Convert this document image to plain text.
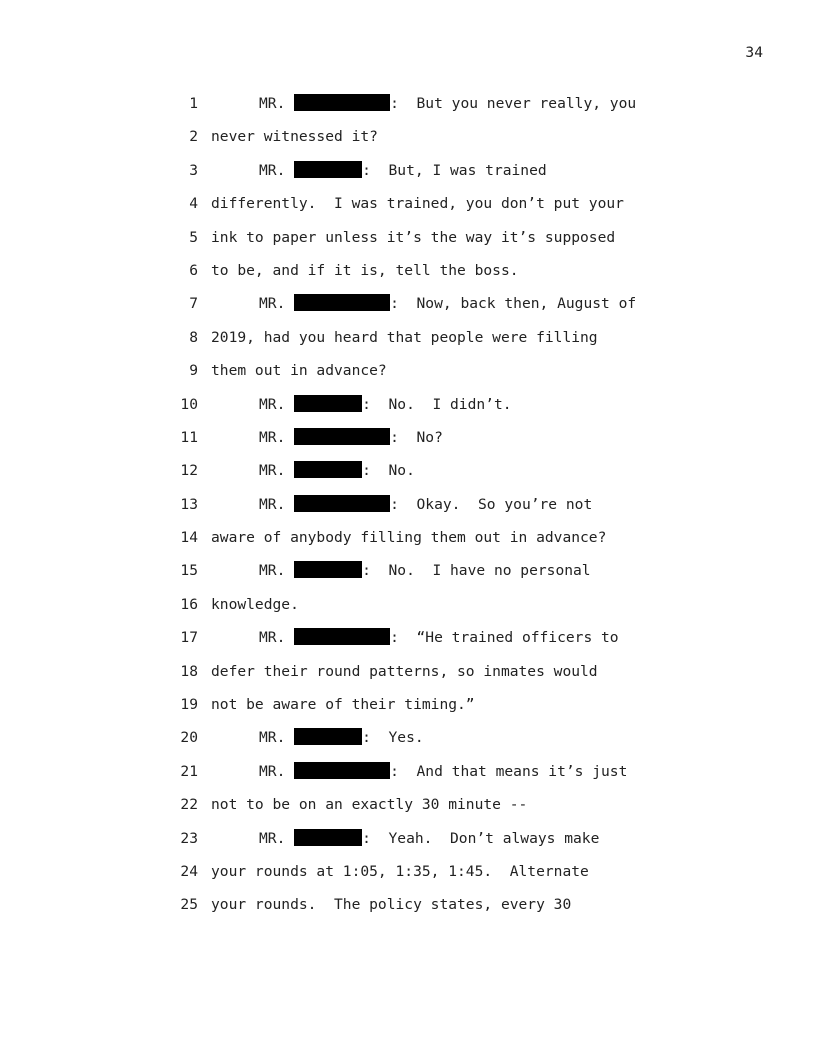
34
1	MR.	:  But you never really, you
2 never witnessed it?
3	MR.	:  But, I was trained
4 differently.  I was trained, you don’t put your
5 ink to paper unless it’s the way it’s supposed
6 to be, and if it is, tell the boss.
7	MR.	:  Now, back then, August of
8 2019, had you heard that people were filling
9 them out in advance?
10	MR.	:  No.  I didn’t.
11	MR.	:  No?
12	MR.	:  No.
13	MR.	:  Okay.  So you’re not
14 aware of anybody filling them out in advance?
15	MR.	:  No.  I have no personal
16 knowledge.
17	MR.	:  “He trained officers to
18 defer their round patterns, so inmates would
19 not be aware of their timing.”
20	MR.	:  Yes.
21	MR.	:  And that means it’s just
22 not to be on an exactly 30 minute --
23	MR.	:  Yeah.  Don’t always make
24 your rounds at 1:05, 1:35, 1:45.  Alternate
25 your rounds.  The policy states, every 30
